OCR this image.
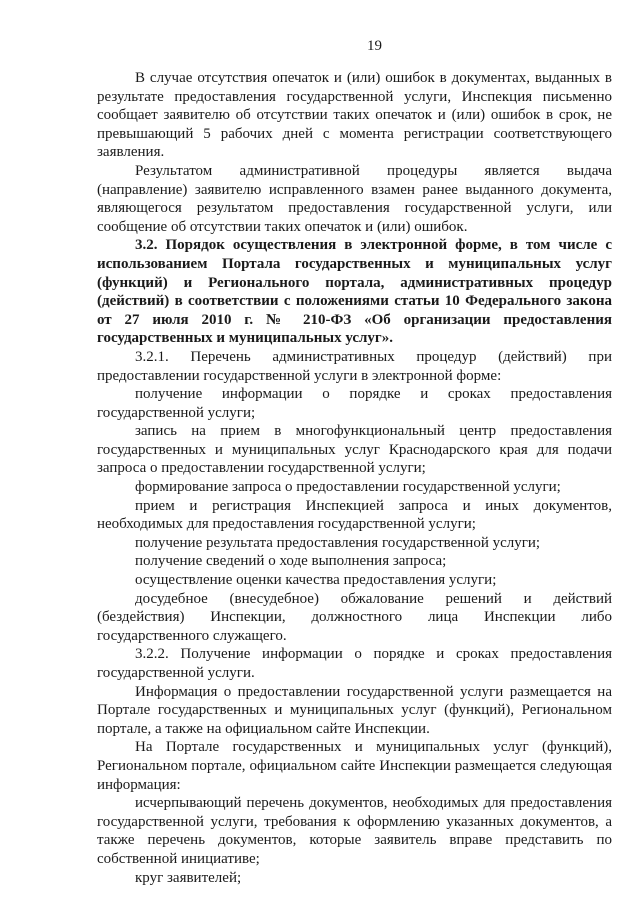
19

В случае отсутствия опечаток и (или) ошибок в документах, выданных в результате предоставления государственной услуги, Инспекция письменно сообщает заявителю об отсутствии таких опечаток и (или) ошибок в срок, не превышающий 5 рабочих дней с момента регистрации соответствующего заявления.

Результатом административной процедуры является выдача (направление) заявителю исправленного взамен ранее выданного документа, являющегося результатом предоставления государственной услуги, или сообщение об отсутствии таких опечаток и (или) ошибок.

3.2. Порядок осуществления в электронной форме, в том числе с использованием Портала государственных и муниципальных услуг (функций) и Регионального портала, административных процедур (действий) в соответствии с положениями статьи 10 Федерального закона от 27 июля 2010 г. № 210-ФЗ «Об организации предоставления государственных и муниципальных услуг».

3.2.1. Перечень административных процедур (действий) при предоставлении государственной услуги в электронной форме:

получение информации о порядке и сроках предоставления государственной услуги;

запись на прием в многофункциональный центр предоставления государственных и муниципальных услуг Краснодарского края для подачи запроса о предоставлении государственной услуги;

формирование запроса о предоставлении государственной услуги;

прием и регистрация Инспекцией запроса и иных документов, необходимых для предоставления государственной услуги;

получение результата предоставления государственной услуги;

получение сведений о ходе выполнения запроса;

осуществление оценки качества предоставления услуги;

досудебное (внесудебное) обжалование решений и действий (бездействия) Инспекции, должностного лица Инспекции либо государственного служащего.

3.2.2. Получение информации о порядке и сроках предоставления государственной услуги.

Информация о предоставлении государственной услуги размещается на Портале государственных и муниципальных услуг (функций), Региональном портале, а также на официальном сайте Инспекции.

На Портале государственных и муниципальных услуг (функций), Региональном портале, официальном сайте Инспекции размещается следующая информация:

исчерпывающий перечень документов, необходимых для предоставления государственной услуги, требования к оформлению указанных документов, а также перечень документов, которые заявитель вправе представить по собственной инициативе;

круг заявителей;
